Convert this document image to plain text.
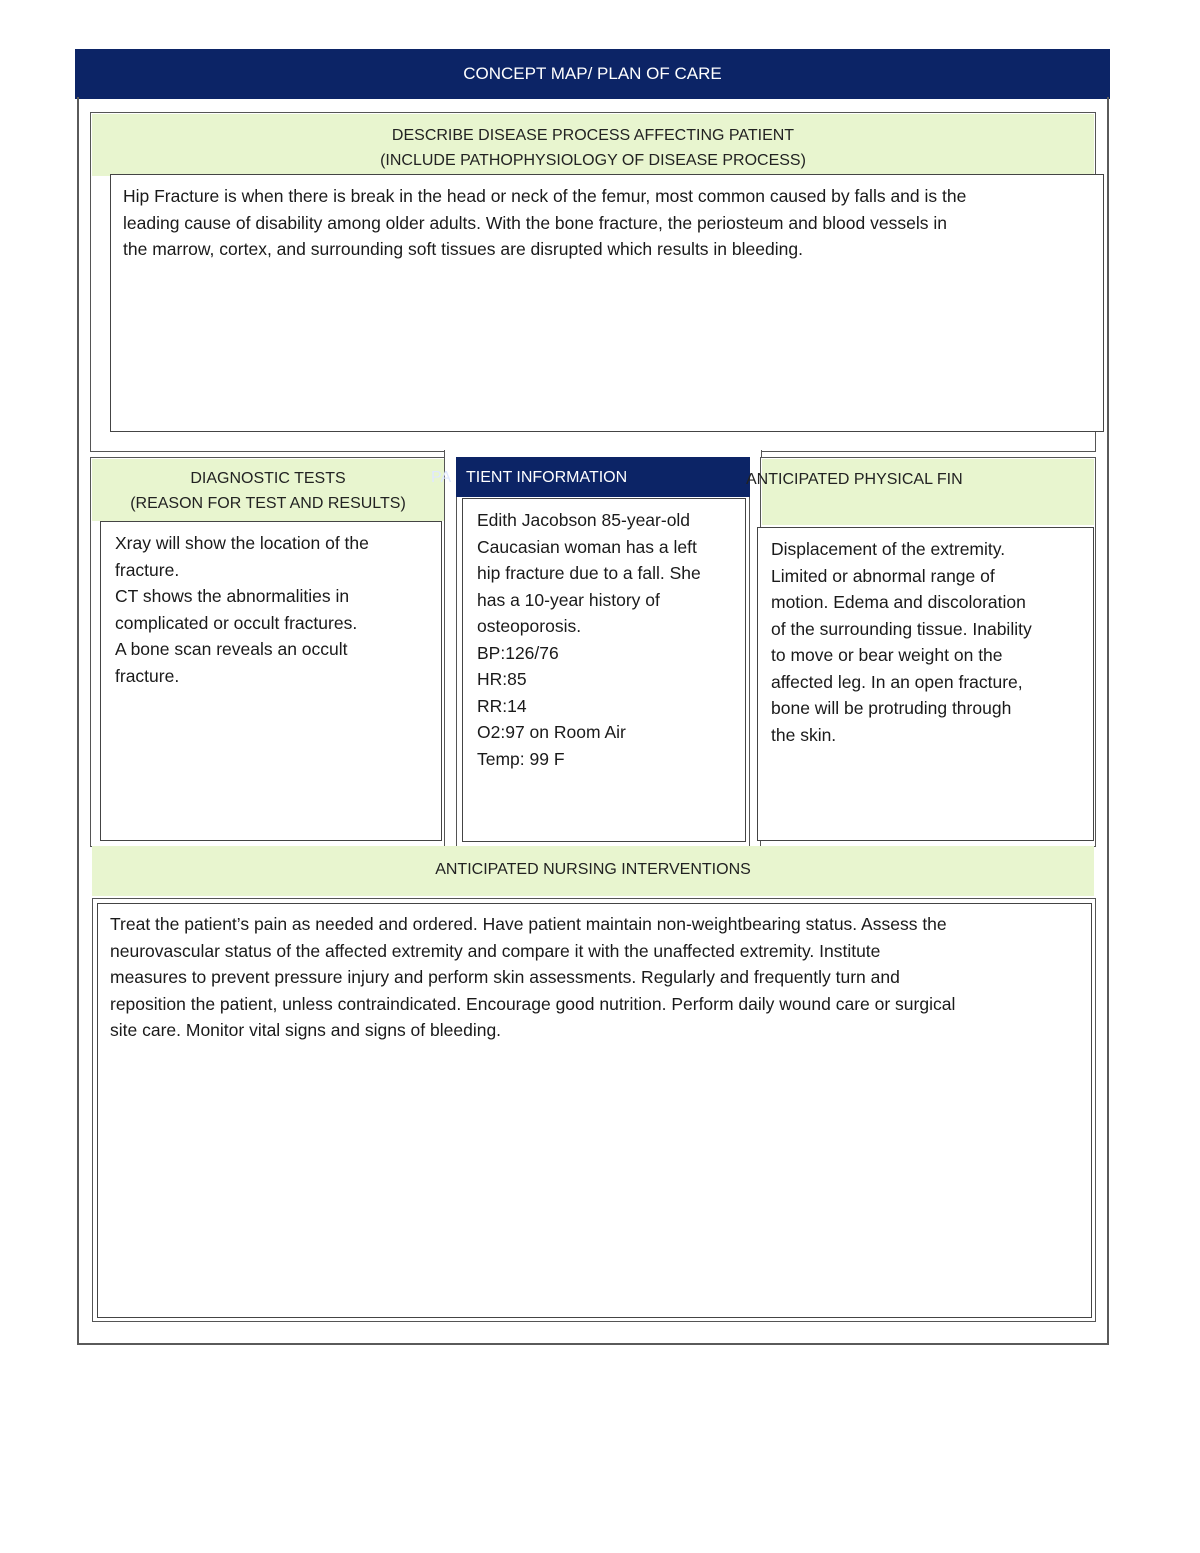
CONCEPT MAP/ PLAN OF CARE
DESCRIBE DISEASE PROCESS AFFECTING PATIENT
(INCLUDE PATHOPHYSIOLOGY OF DISEASE PROCESS)
Hip Fracture is when there is break in the head or neck of the femur, most common caused by falls and is the
leading cause of disability among older adults. With the bone fracture, the periosteum and blood vessels in
the marrow, cortex, and surrounding soft tissues are disrupted which results in bleeding.
DIAGNOSTIC TESTS
(REASON FOR TEST AND RESULTS)
Xray will show the location of the
fracture.
CT shows the abnormalities in
complicated or occult fractures.
A bone scan reveals an occult
fracture.
TIENT INFORMATION
PA
Edith Jacobson 85-year-old
Caucasian woman has a left
hip fracture due to a fall. She
has a 10-year history of
osteoporosis.
BP:126/76
HR:85
RR:14
O2:97 on Room Air
Temp: 99 F
ANTICIPATED PHYSICAL FIN
Displacement of the extremity.
Limited or abnormal range of
motion. Edema and discoloration
of the surrounding tissue. Inability
to move or bear weight on the
affected leg. In an open fracture,
bone will be protruding through
the skin.
ANTICIPATED NURSING INTERVENTIONS
Treat the patient’s pain as needed and ordered. Have patient maintain non-weightbearing status. Assess the
neurovascular status of the affected extremity and compare it with the unaffected extremity. Institute
measures to prevent pressure injury and perform skin assessments. Regularly and frequently turn and
reposition the patient, unless contraindicated. Encourage good nutrition. Perform daily wound care or surgical
site care. Monitor vital signs and signs of bleeding.
